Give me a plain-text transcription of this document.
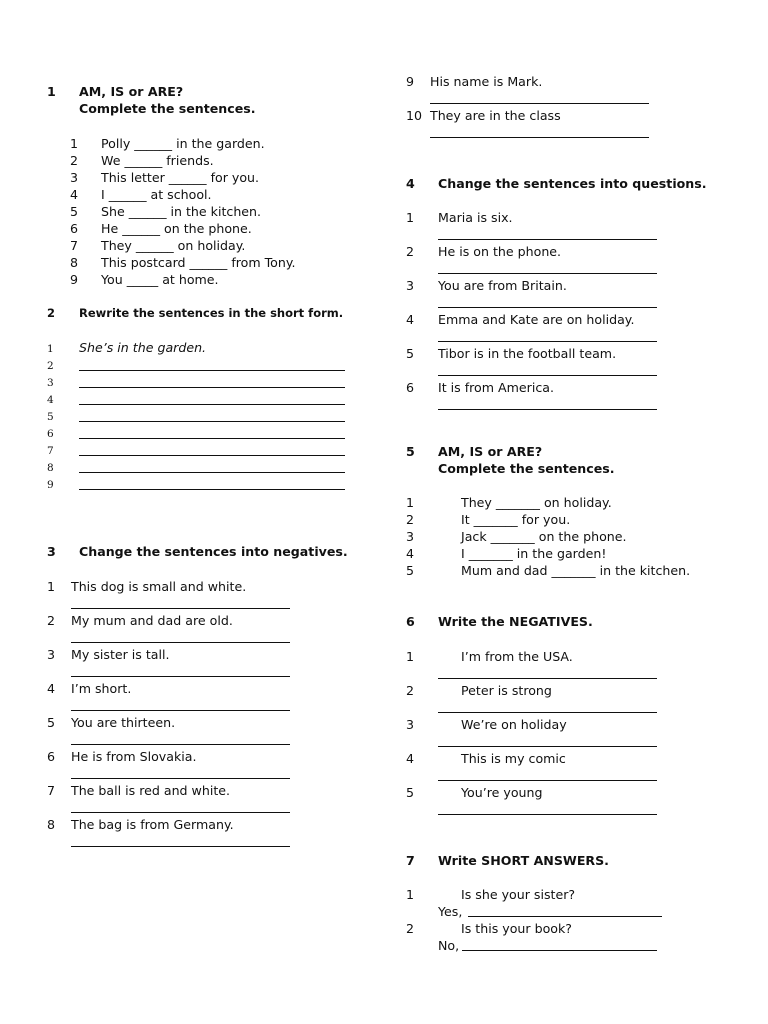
1 AM, IS or ARE?
Complete the sentences.
1	Polly ______ in the garden.
2	We ______ friends.
3	This letter ______ for you.
4	I ______ at school.
5	She ______ in the kitchen.
6	He ______ on the phone.
7	They ______ on holiday.
8	This postcard ______ from Tony.
9	You _____ at home.
2 Rewrite the sentences in the short form.
1
2
3
4
5
6
7
8
9
She’s in the garden.
3 Change the sentences into negatives.
1 This dog is small and white.
2 My mum and dad are old.
3 My sister is tall.
4 I’m short.
5 You are thirteen.
6 He is from Slovakia.
7 The ball is red and white.
8 The bag is from Germany.
9 His name is Mark.
10 They are in the class
4 Change the sentences into questions.
1 Maria is six.
2 He is on the phone.
3 You are from Britain.
4 Emma and Kate are on holiday.
5 Tibor is in the football team.
6 It is from America.
5 AM, IS or ARE?
Complete the sentences.
1	They _______ on holiday.
2	It _______ for you.
3	Jack _______ on the phone.
4	I _______ in the garden!
5	Mum and dad _______ in the kitchen.
6 Write the NEGATIVES.
1	I’m from the USA.
2	Peter is strong
3	We’re on holiday
4	This is my comic
5	You’re young
7 Write SHORT ANSWERS.
1	Is she your sister?
Yes,
2	Is this your book?
No,
